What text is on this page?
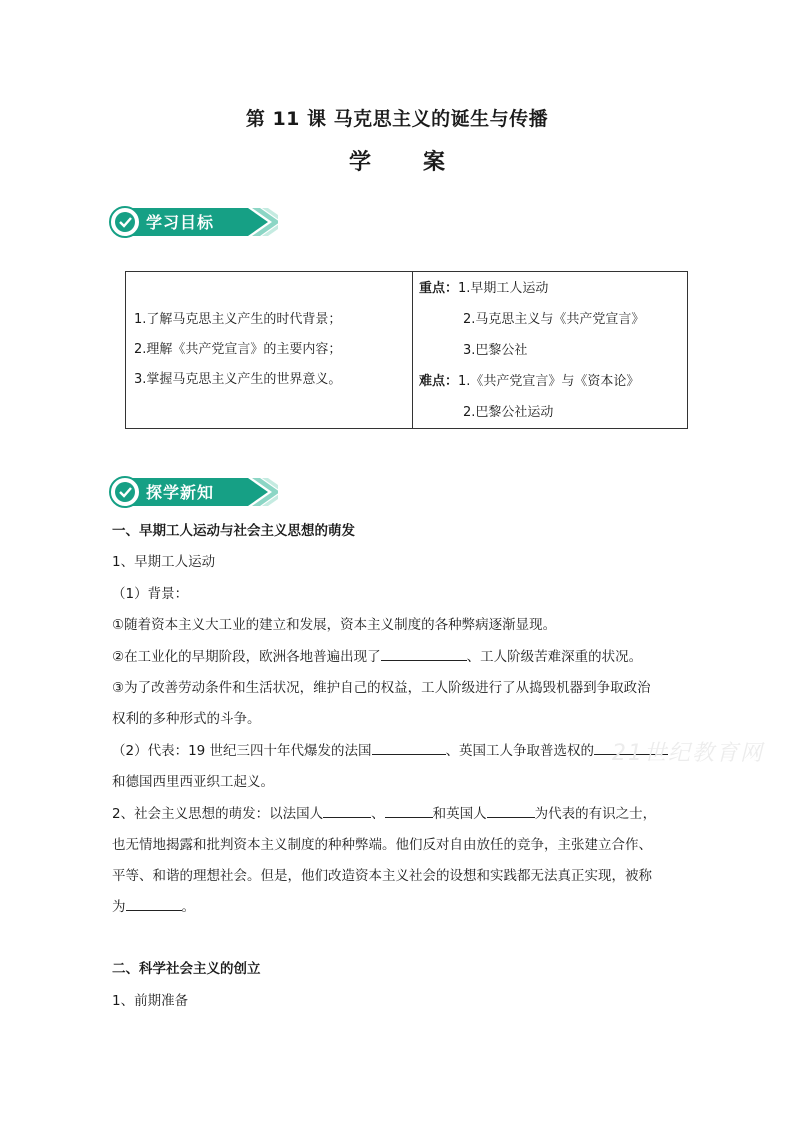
第 11 课 马克思主义的诞生与传播
学 案
学习目标
1.了解马克思主义产生的时代背景；
2.理解《共产党宣言》的主要内容；
3.掌握马克思主义产生的世界意义。

重点：1.早期工人运动
2.马克思主义与《共产党宣言》
3.巴黎公社
难点：1.《共产党宣言》与《资本论》
2.巴黎公社运动
探学新知
一、早期工人运动与社会主义思想的萌发
1、早期工人运动
（1）背景：
①随着资本主义大工业的建立和发展，资本主义制度的各种弊病逐渐显现。
②在工业化的早期阶段，欧洲各地普遍出现了	、工人阶级苦难深重的状况。
③为了改善劳动条件和生活状况，维护自己的权益，工人阶级进行了从捣毁机器到争取政治
权利的多种形式的斗争。
（2）代表：19 世纪三四十年代爆发的法国	、英国工人争取普选权的
和德国西里西亚织工起义。
2、社会主义思想的萌发：以法国人	、	和英国人	为代表的有识之士，
也无情地揭露和批判资本主义制度的种种弊端。他们反对自由放任的竞争，主张建立合作、
平等、和谐的理想社会。但是，他们改造资本主义社会的设想和实践都无法真正实现，被称
为	。
二、科学社会主义的创立
1、前期准备
21世纪教育网
